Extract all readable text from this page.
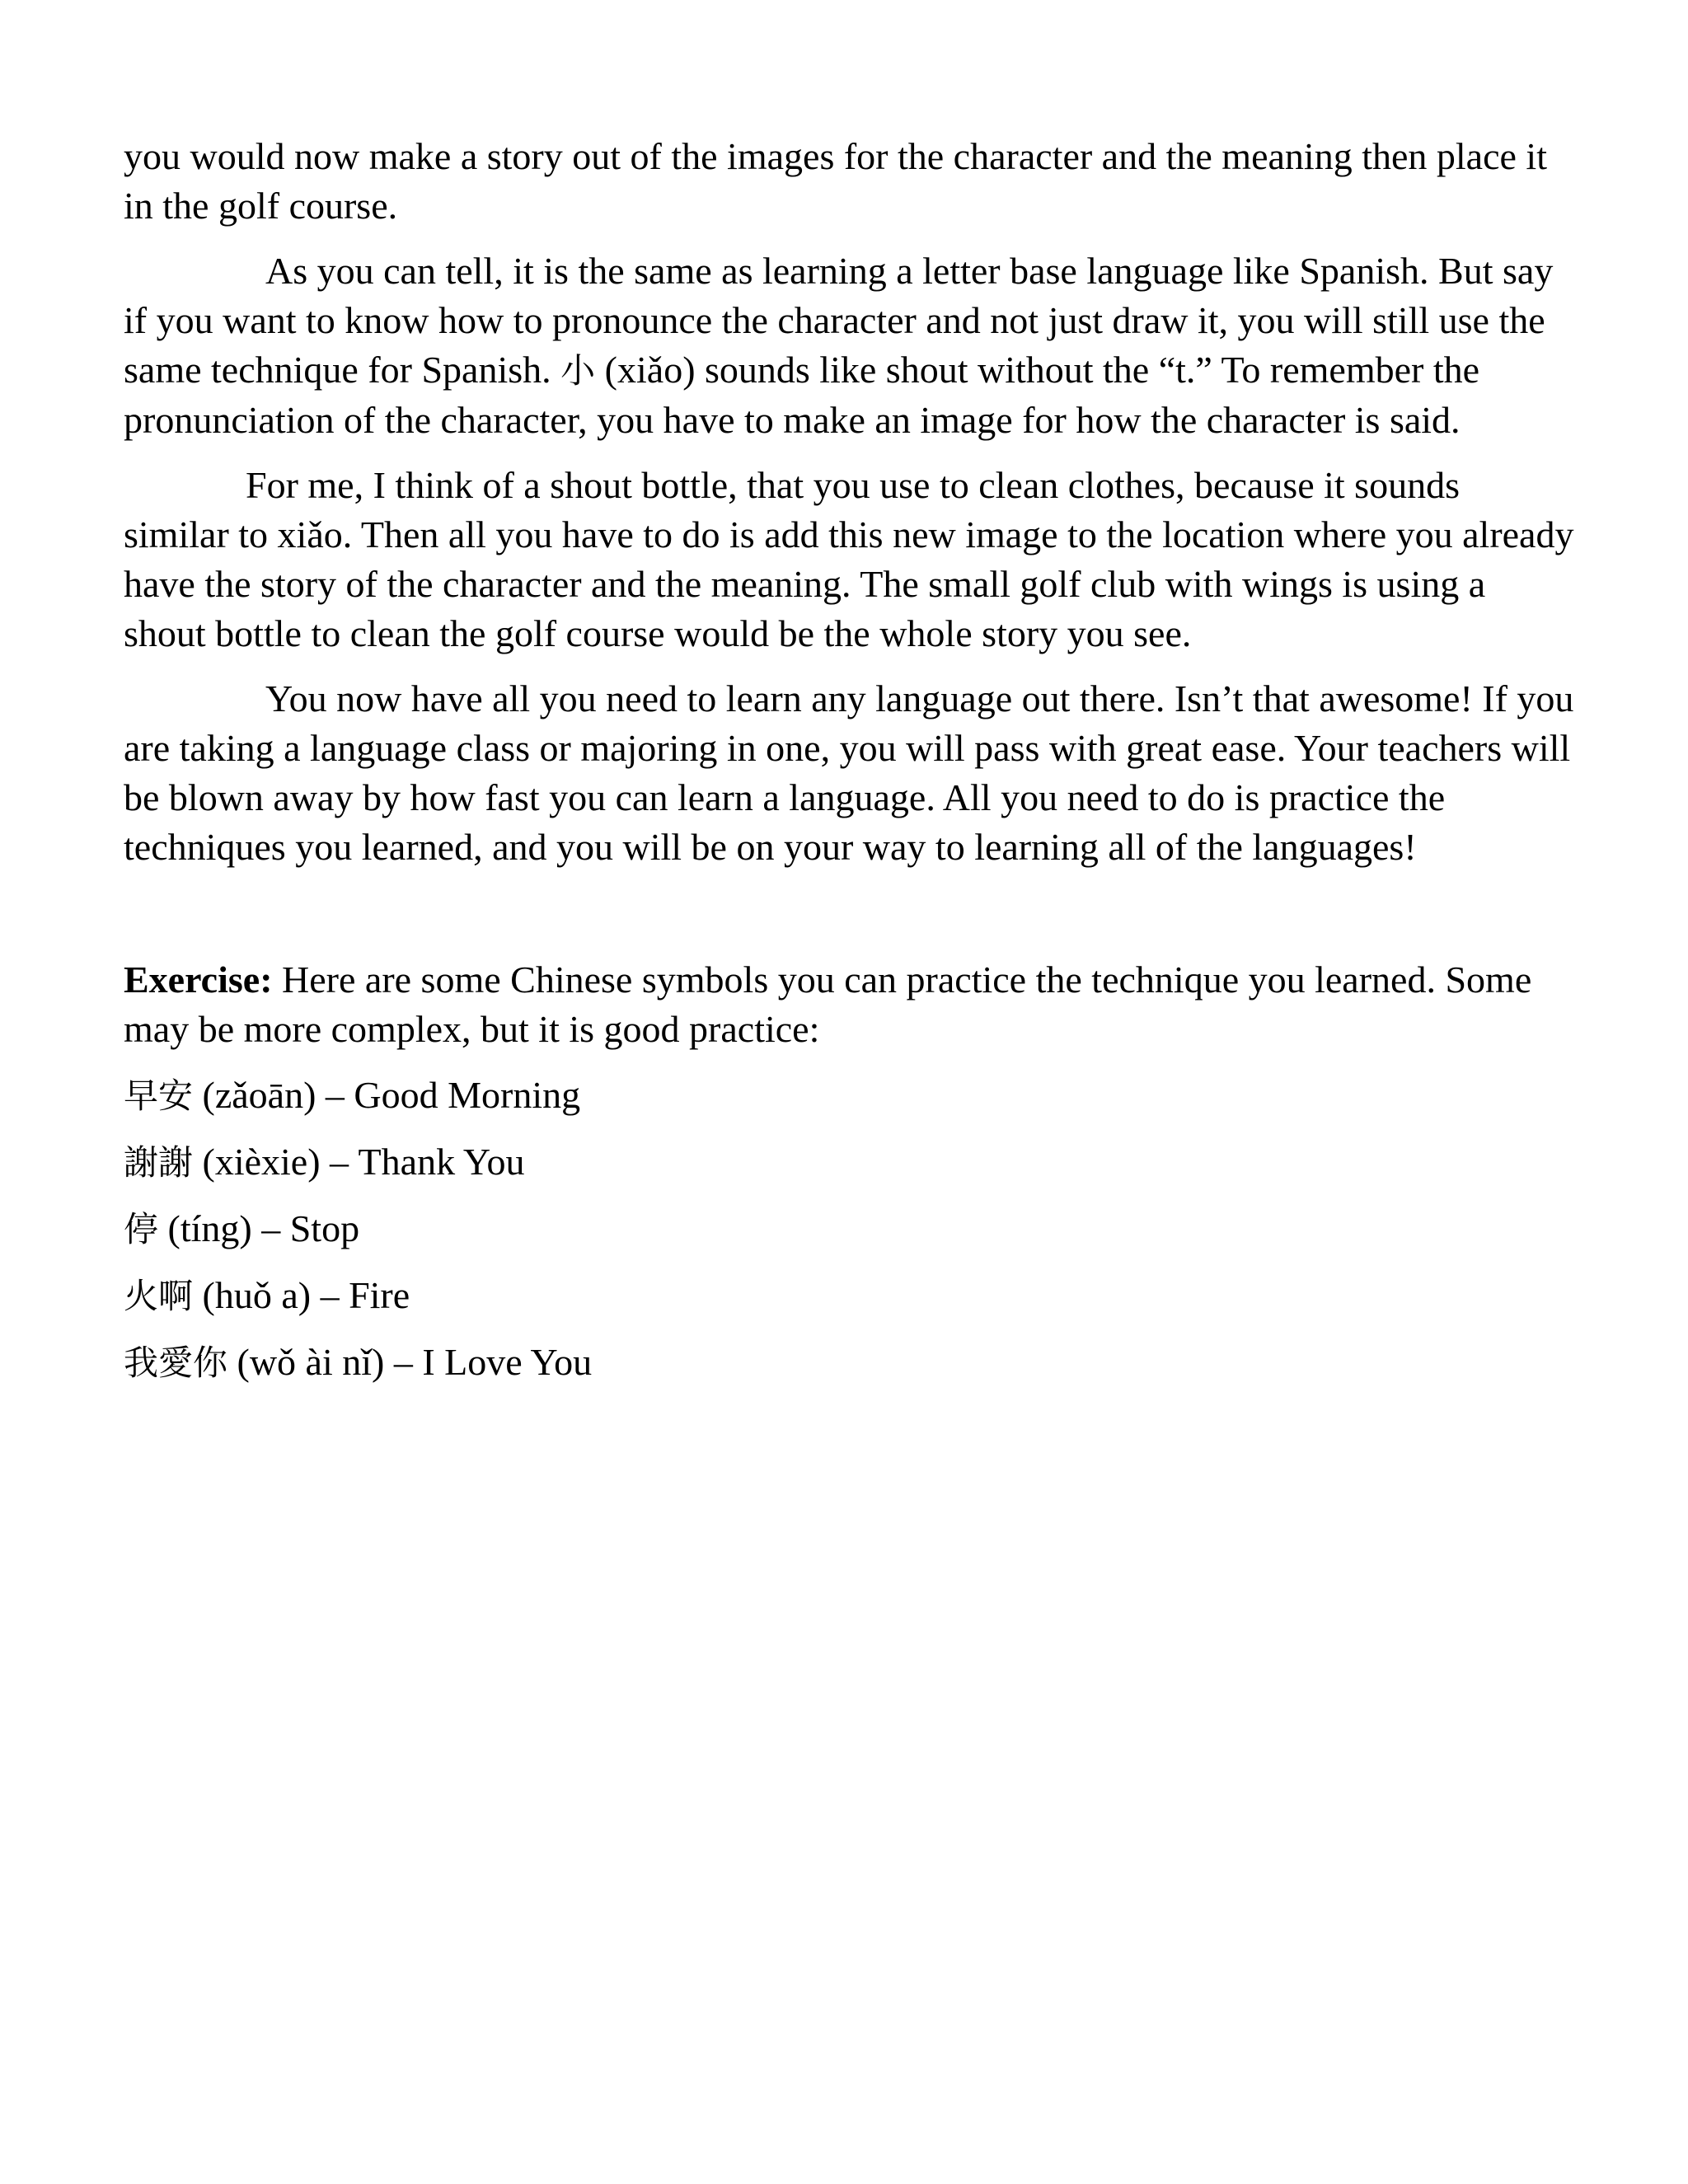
you would now make a story out of the images for the character and the meaning then place it in the golf course.

As you can tell, it is the same as learning a letter base language like Spanish. But say if you want to know how to pronounce the character and not just draw it, you will still use the same technique for Spanish. 小 (xiǎo) sounds like shout without the “t.” To remember the pronunciation of the character, you have to make an image for how the character is said.

For me, I think of a shout bottle, that you use to clean clothes, because it sounds similar to xiǎo. Then all you have to do is add this new image to the location where you already have the story of the character and the meaning. The small golf club with wings is using a shout bottle to clean the golf course would be the whole story you see.

You now have all you need to learn any language out there. Isn’t that awesome! If you are taking a language class or majoring in one, you will pass with great ease. Your teachers will be blown away by how fast you can learn a language. All you need to do is practice the techniques you learned, and you will be on your way to learning all of the languages!

Exercise: Here are some Chinese symbols you can practice the technique you learned. Some may be more complex, but it is good practice:

早安 (zǎoān) – Good Morning

謝謝 (xièxie) – Thank You

停 (tíng) – Stop

火啊 (huǒ a) – Fire

我愛你 (wǒ ài nǐ) – I Love You
